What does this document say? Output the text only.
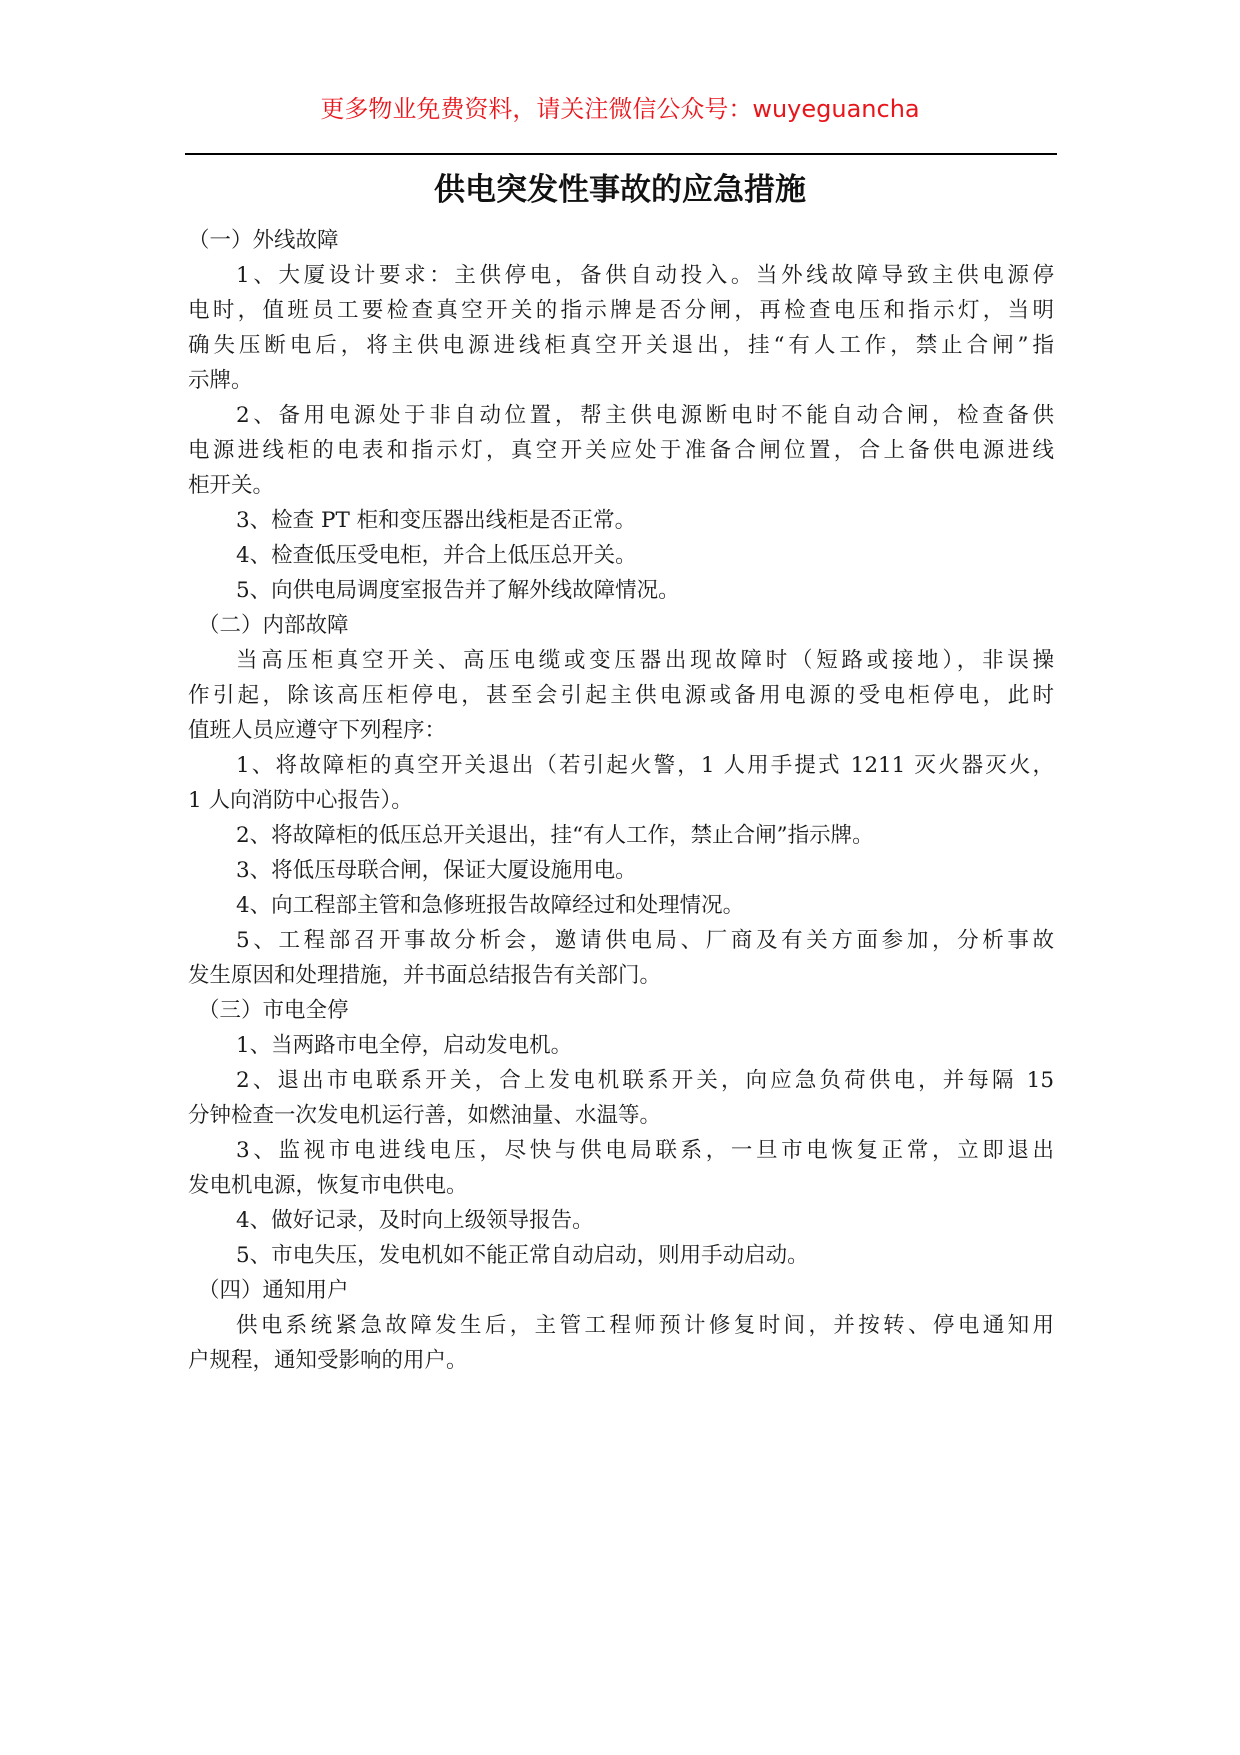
更多物业免费资料，请关注微信公众号：wuyeguancha
供电突发性事故的应急措施
（一）外线故障
1、大厦设计要求：主供停电，备供自动投入。当外线故障导致主供电源停
电时，值班员工要检查真空开关的指示牌是否分闸，再检查电压和指示灯，当明
确失压断电后，将主供电源进线柜真空开关退出，挂“有人工作，禁止合闸”指
示牌。
2、备用电源处于非自动位置，帮主供电源断电时不能自动合闸，检查备供
电源进线柜的电表和指示灯，真空开关应处于准备合闸位置，合上备供电源进线
柜开关。
3、检查 PT 柜和变压器出线柜是否正常。
4、检查低压受电柜，并合上低压总开关。
5、向供电局调度室报告并了解外线故障情况。
（二）内部故障
当高压柜真空开关、高压电缆或变压器出现故障时（短路或接地），非误操
作引起，除该高压柜停电，甚至会引起主供电源或备用电源的受电柜停电，此时
值班人员应遵守下列程序：
1、将故障柜的真空开关退出（若引起火警，1 人用手提式 1211 灭火器灭火，
1 人向消防中心报告）。
2、将故障柜的低压总开关退出，挂“有人工作，禁止合闸”指示牌。
3、将低压母联合闸，保证大厦设施用电。
4、向工程部主管和急修班报告故障经过和处理情况。
5、工程部召开事故分析会，邀请供电局、厂商及有关方面参加，分析事故
发生原因和处理措施，并书面总结报告有关部门。
（三）市电全停
1、当两路市电全停，启动发电机。
2、退出市电联系开关，合上发电机联系开关，向应急负荷供电，并每隔 15
分钟检查一次发电机运行善，如燃油量、水温等。
3、监视市电进线电压，尽快与供电局联系，一旦市电恢复正常，立即退出
发电机电源，恢复市电供电。
4、做好记录，及时向上级领导报告。
5、市电失压，发电机如不能正常自动启动，则用手动启动。
（四）通知用户
供电系统紧急故障发生后，主管工程师预计修复时间，并按转、停电通知用
户规程，通知受影响的用户。
